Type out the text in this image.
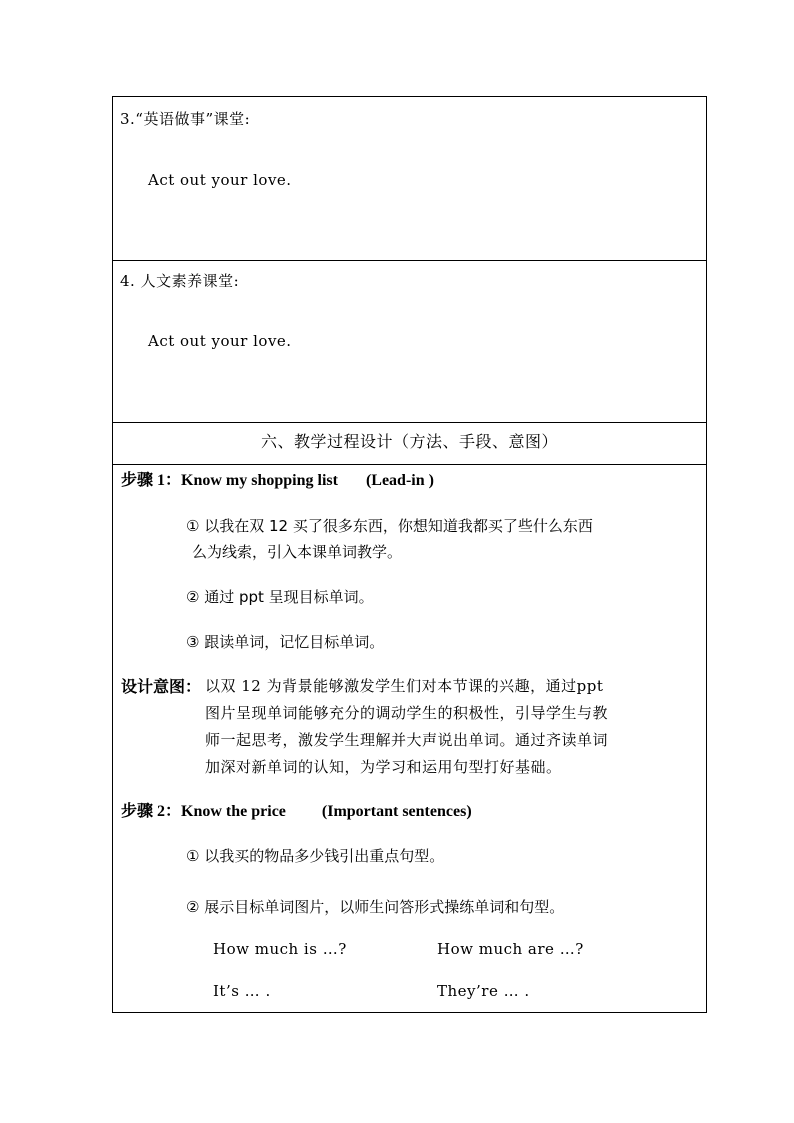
3.“英语做事”课堂:
Act out your love.
4. 人文素养课堂:
Act out your love.
六、教学过程设计（方法、手段、意图）
步骤 1：Know my shopping list (Lead-in )
① 以我在双 12 买了很多东西，你想知道我都买了些什么东西
么为线索，引入本课单词教学。
② 通过 ppt 呈现目标单词。
③ 跟读单词，记忆目标单词。
设计意图： 以双 12 为背景能够激发学生们对本节课的兴趣，通过ppt
图片呈现单词能够充分的调动学生的积极性，引导学生与教
师一起思考，激发学生理解并大声说出单词。通过齐读单词
加深对新单词的认知，为学习和运用句型打好基础。
步骤 2：Know the price (Important sentences)
① 以我买的物品多少钱引出重点句型。
② 展示目标单词图片，以师生问答形式操练单词和句型。
How much is …?	How much are …?
It’s … .	They’re … .
